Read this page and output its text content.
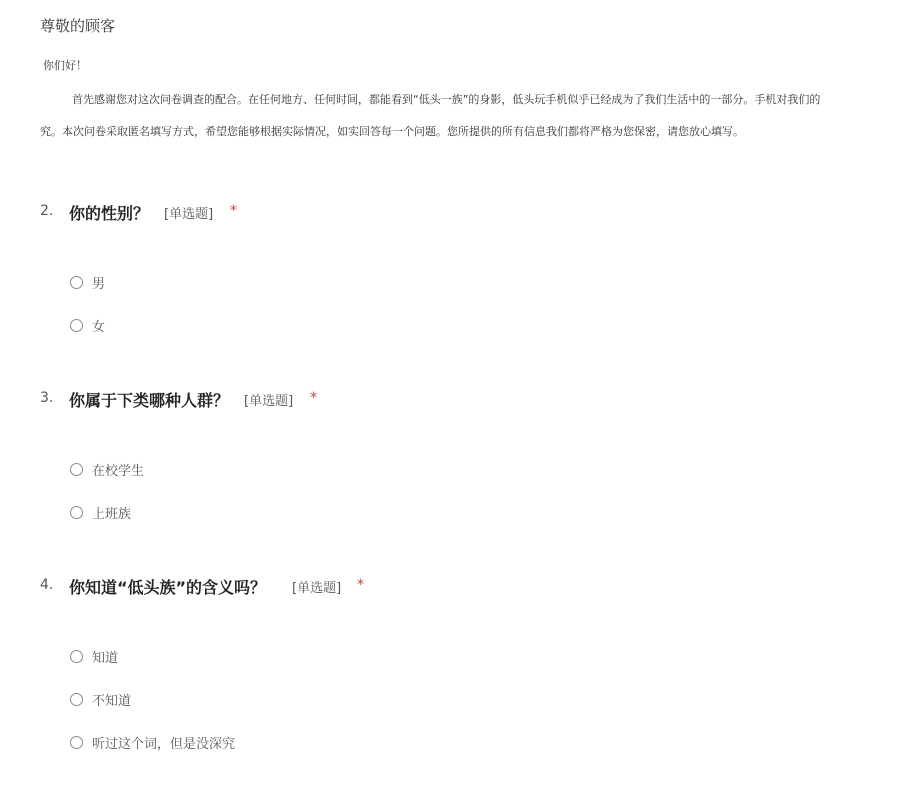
尊敬的顾客
你们好！
首先感谢您对这次问卷调查的配合。在任何地方、任何时间，都能看到“低头一族”的身影，低头玩手机似乎已经成为了我们生活中的一部分。手机对我们的
究。本次问卷采取匿名填写方式，希望您能够根据实际情况，如实回答每一个问题。您所提供的所有信息我们都将严格为您保密，请您放心填写。
2. 你的性别？ [单选题] *
男
女
3. 你属于下类哪种人群？ [单选题] *
在校学生
上班族
4. 你知道“低头族”的含义吗？ [单选题] *
知道
不知道
听过这个词，但是没深究
